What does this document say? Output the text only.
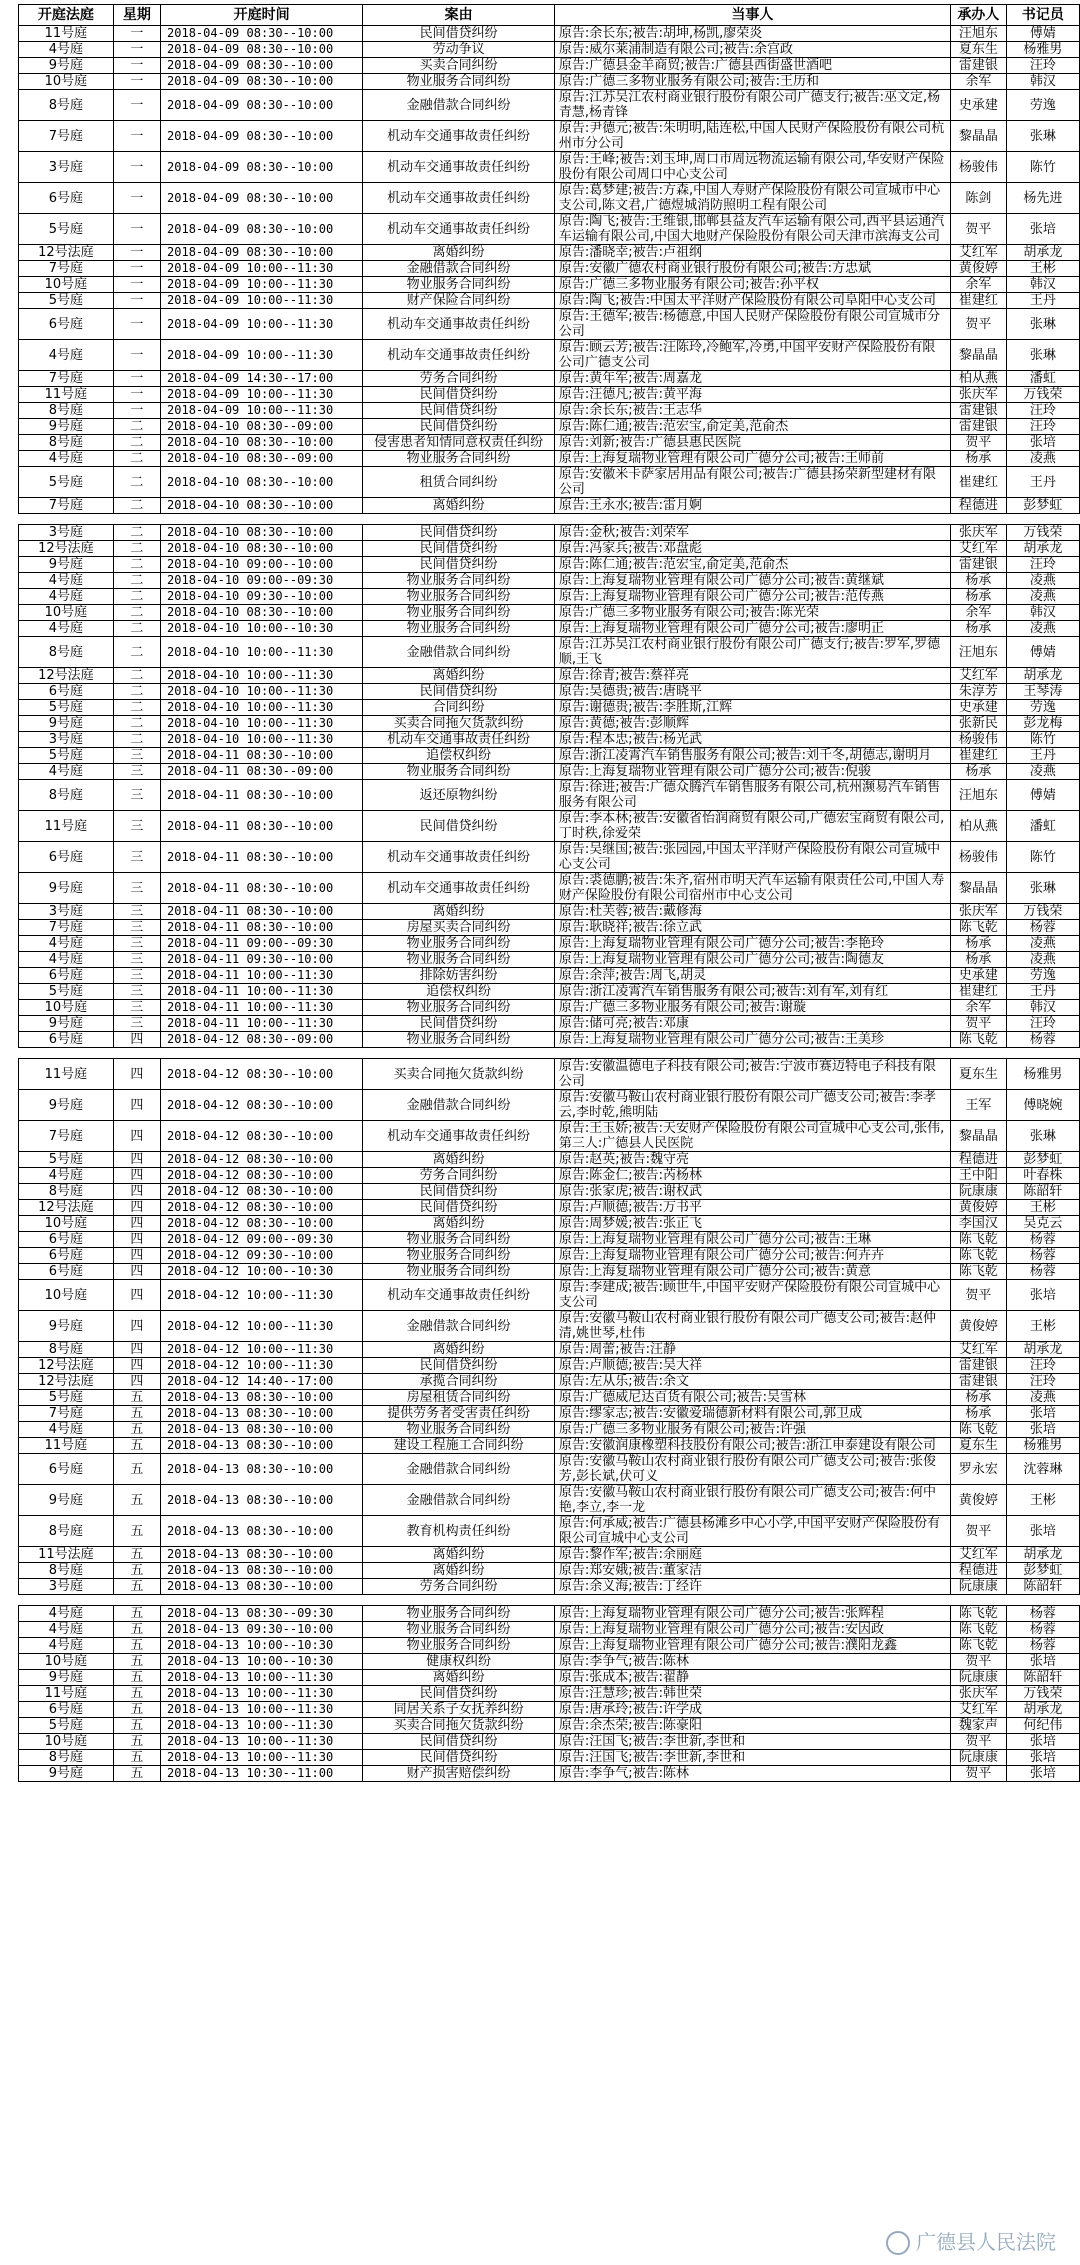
开庭法庭	星期	开庭时间	案由	当事人	承办人	书记员
11号庭	一	2018-04-09 08:30--10:00	民间借贷纠纷	原告:余长东;被告:胡坤,杨凯,廖荣炎	汪旭东	傅婧
4号庭	一	2018-04-09 08:30--10:00	劳动争议	原告:威尔莱浦制造有限公司;被告:余宫政	夏东生	杨雅男
9号庭	一	2018-04-09 08:30--10:00	买卖合同纠纷	原告:广德县金羊商贸;被告:广德县西街盛世酒吧	雷建银	汪玲
10号庭	一	2018-04-09 08:30--10:00	物业服务合同纠纷	原告:广德三多物业服务有限公司;被告:王历和	余军	韩汉
8号庭	一	2018-04-09 08:30--10:00	金融借款合同纠纷	原告:江苏吴江农村商业银行股份有限公司广德支行;被告:巫文定,杨青慧,杨青锋	史承建	劳逸
7号庭	一	2018-04-09 08:30--10:00	机动车交通事故责任纠纷	原告:尹德元;被告:朱明明,陆连松,中国人民财产保险股份有限公司杭州市分公司	黎晶晶	张琳
3号庭	一	2018-04-09 08:30--10:00	机动车交通事故责任纠纷	原告:王峰;被告:刘玉坤,周口市周远物流运输有限公司,华安财产保险股份有限公司周口中心支公司	杨骏伟	陈竹
6号庭	一	2018-04-09 08:30--10:00	机动车交通事故责任纠纷	原告:葛梦建;被告:方森,中国人寿财产保险股份有限公司宣城市中心支公司,陈文君,广德煜城消防照明工程有限公司	陈剑	杨先进
5号庭	一	2018-04-09 08:30--10:00	机动车交通事故责任纠纷	原告:陶飞;被告:王维银,邯郸县益友汽车运输有限公司,西平县运通汽车运输有限公司,中国大地财产保险股份有限公司天津市滨海支公司	贺平	张培
12号法庭	一	2018-04-09 08:30--10:00	离婚纠纷	原告:潘晓幸;被告:卢祖纲	艾红军	胡承龙
7号庭	一	2018-04-09 10:00--11:30	金融借款合同纠纷	原告:安徽广德农村商业银行股份有限公司;被告:方忠斌	黄俊婷	王彬
10号庭	一	2018-04-09 10:00--11:30	物业服务合同纠纷	原告:广德三多物业服务有限公司;被告:孙平权	余军	韩汉
5号庭	一	2018-04-09 10:00--11:30	财产保险合同纠纷	原告:陶飞;被告:中国太平洋财产保险股份有限公司阜阳中心支公司	崔建红	王丹
6号庭	一	2018-04-09 10:00--11:30	机动车交通事故责任纠纷	原告:王德军;被告:杨德意,中国人民财产保险股份有限公司宣城市分公司	贺平	张琳
4号庭	一	2018-04-09 10:00--11:30	机动车交通事故责任纠纷	原告:顾云芳;被告:汪陈玲,冷鲍军,冷勇,中国平安财产保险股份有限公司广德支公司	黎晶晶	张琳
7号庭	一	2018-04-09 14:30--17:00	劳务合同纠纷	原告:黄年军;被告:周嘉龙	柏从燕	潘虹
11号庭	一	2018-04-09 10:00--11:30	民间借贷纠纷	原告:汪德凡;被告:黄平海	张庆军	万钱荣
8号庭	一	2018-04-09 10:00--11:30	民间借贷纠纷	原告:余长东;被告:王志华	雷建银	汪玲
9号庭	二	2018-04-10 08:30--09:00	民间借贷纠纷	原告:陈仁通;被告:范宏宝,俞定美,范俞杰	雷建银	汪玲
8号庭	二	2018-04-10 08:30--10:00	侵害患者知情同意权责任纠纷	原告:刘新;被告:广德县惠民医院	贺平	张培
4号庭	二	2018-04-10 08:30--09:00	物业服务合同纠纷	原告:上海复瑞物业管理有限公司广德分公司;被告:王师前	杨承	凌燕
5号庭	二	2018-04-10 08:30--10:00	租赁合同纠纷	原告:安徽米卡萨家居用品有限公司;被告:广德县扬荣新型建材有限公司	崔建红	王丹
7号庭	二	2018-04-10 08:30--10:00	离婚纠纷	原告:王永水;被告:雷月婀	程德进	彭梦虹

3号庭	二	2018-04-10 08:30--10:00	民间借贷纠纷	原告:金秋;被告:刘荣军	张庆军	万钱荣
12号法庭	二	2018-04-10 08:30--10:00	民间借贷纠纷	原告:冯家兵;被告:邓盘彪	艾红军	胡承龙
9号庭	二	2018-04-10 09:00--10:00	民间借贷纠纷	原告:陈仁通;被告:范宏宝,俞定美,范俞杰	雷建银	汪玲
4号庭	二	2018-04-10 09:00--09:30	物业服务合同纠纷	原告:上海复瑞物业管理有限公司广德分公司;被告:黄继斌	杨承	凌燕
4号庭	二	2018-04-10 09:30--10:00	物业服务合同纠纷	原告:上海复瑞物业管理有限公司广德分公司;被告:范传燕	杨承	凌燕
10号庭	二	2018-04-10 08:30--10:00	物业服务合同纠纷	原告:广德三多物业服务有限公司;被告:陈光荣	余军	韩汉
4号庭	二	2018-04-10 10:00--10:30	物业服务合同纠纷	原告:上海复瑞物业管理有限公司广德分公司;被告:廖明正	杨承	凌燕
8号庭	二	2018-04-10 10:00--11:30	金融借款合同纠纷	原告:江苏吴江农村商业银行股份有限公司广德支行;被告:罗军,罗德顺,王飞	汪旭东	傅婧
12号法庭	二	2018-04-10 10:00--11:30	离婚纠纷	原告:徐青;被告:蔡祥亮	艾红军	胡承龙
6号庭	二	2018-04-10 10:00--11:30	民间借贷纠纷	原告:吴德贵;被告:唐晓平	朱淳芳	王琴涛
5号庭	二	2018-04-10 10:00--11:30	合同纠纷	原告:谢德贵;被告:李胜斯,江辉	史承建	劳逸
9号庭	二	2018-04-10 10:00--11:30	买卖合同拖欠货款纠纷	原告:黄德;被告:彭顺辉	张新民	彭龙梅
3号庭	二	2018-04-10 10:00--11:30	机动车交通事故责任纠纷	原告:程本忠;被告:杨光武	杨骏伟	陈竹
5号庭	三	2018-04-11 08:30--10:00	追偿权纠纷	原告:浙江凌霄汽车销售服务有限公司;被告:刘千冬,胡德志,谢明月	崔建红	王丹
4号庭	三	2018-04-11 08:30--09:00	物业服务合同纠纷	原告:上海复瑞物业管理有限公司广德分公司;被告:倪骏	杨承	凌燕
8号庭	三	2018-04-11 08:30--10:00	返还原物纠纷	原告:徐进;被告:广德众腾汽车销售服务有限公司,杭州濒易汽车销售服务有限公司	汪旭东	傅婧
11号庭	三	2018-04-11 08:30--10:00	民间借贷纠纷	原告:李本林;被告:安徽省怡润商贸有限公司,广德宏宝商贸有限公司,丁时秩,徐爱荣	柏从燕	潘虹
6号庭	三	2018-04-11 08:30--10:00	机动车交通事故责任纠纷	原告:吴继国;被告:张园园,中国太平洋财产保险股份有限公司宣城中心支公司	杨骏伟	陈竹
9号庭	三	2018-04-11 08:30--10:00	机动车交通事故责任纠纷	原告:裘德鹏;被告:朱齐,宿州市明天汽车运输有限责任公司,中国人寿财产保险股份有限公司宿州市中心支公司	黎晶晶	张琳
3号庭	三	2018-04-11 08:30--10:00	离婚纠纷	原告:杜芙蓉;被告:戴修海	张庆军	万钱荣
7号庭	三	2018-04-11 08:30--10:00	房屋买卖合同纠纷	原告:耿晓祥;被告:徐立武	陈飞乾	杨蓉
4号庭	三	2018-04-11 09:00--09:30	物业服务合同纠纷	原告:上海复瑞物业管理有限公司广德分公司;被告:李艳玲	杨承	凌燕
4号庭	三	2018-04-11 09:30--10:00	物业服务合同纠纷	原告:上海复瑞物业管理有限公司广德分公司;被告:陶德友	杨承	凌燕
6号庭	三	2018-04-11 10:00--11:30	排除妨害纠纷	原告:余萍;被告:周飞,胡灵	史承建	劳逸
5号庭	三	2018-04-11 10:00--11:30	追偿权纠纷	原告:浙江凌霄汽车销售服务有限公司;被告:刘有军,刘有红	崔建红	王丹
10号庭	三	2018-04-11 10:00--11:30	物业服务合同纠纷	原告:广德三多物业服务有限公司;被告:谢璇	余军	韩汉
9号庭	三	2018-04-11 10:00--11:30	民间借贷纠纷	原告:储可亮;被告:邓康	贺平	汪玲
6号庭	四	2018-04-12 08:30--09:00	物业服务合同纠纷	原告:上海复瑞物业管理有限公司广德分公司;被告:王美珍	陈飞乾	杨蓉

11号庭	四	2018-04-12 08:30--10:00	买卖合同拖欠货款纠纷	原告:安徽温德电子科技有限公司;被告:宁波市赛迈特电子科技有限公司	夏东生	杨雅男
9号庭	四	2018-04-12 08:30--10:00	金融借款合同纠纷	原告:安徽马鞍山农村商业银行股份有限公司广德支公司;被告:李孝云,李时乾,熊明陆	王军	傅晓婉
7号庭	四	2018-04-12 08:30--10:00	机动车交通事故责任纠纷	原告:王玉娇;被告:天安财产保险股份有限公司宣城中心支公司,张伟,第三人:广德县人民医院	黎晶晶	张琳
5号庭	四	2018-04-12 08:30--10:00	离婚纠纷	原告:赵英;被告:魏守亮	程德进	彭梦虹
4号庭	四	2018-04-12 08:30--10:00	劳务合同纠纷	原告:陈金仁;被告:芮杨林	王中阳	叶春株
8号庭	四	2018-04-12 08:30--10:00	民间借贷纠纷	原告:张家虎;被告:谢权武	阮康康	陈韶轩
12号法庭	四	2018-04-12 08:30--10:00	民间借贷纠纷	原告:卢顺德;被告:万书平	黄俊婷	王彬
10号庭	四	2018-04-12 08:30--10:00	离婚纠纷	原告:周梦媛;被告:张正飞	李国汉	吴克云
6号庭	四	2018-04-12 09:00--09:30	物业服务合同纠纷	原告:上海复瑞物业管理有限公司广德分公司;被告:王琳	陈飞乾	杨蓉
6号庭	四	2018-04-12 09:30--10:00	物业服务合同纠纷	原告:上海复瑞物业管理有限公司广德分公司;被告:何卉卉	陈飞乾	杨蓉
6号庭	四	2018-04-12 10:00--10:30	物业服务合同纠纷	原告:上海复瑞物业管理有限公司广德分公司;被告:黄意	陈飞乾	杨蓉
10号庭	四	2018-04-12 10:00--11:30	机动车交通事故责任纠纷	原告:李建成;被告:顾世牛,中国平安财产保险股份有限公司宣城中心支公司	贺平	张培
9号庭	四	2018-04-12 10:00--11:30	金融借款合同纠纷	原告:安徽马鞍山农村商业银行股份有限公司广德支公司;被告:赵仲清,姚世琴,杜伟	黄俊婷	王彬
8号庭	四	2018-04-12 10:00--11:30	离婚纠纷	原告:周蕾;被告:汪静	艾红军	胡承龙
12号法庭	四	2018-04-12 10:00--11:30	民间借贷纠纷	原告:卢顺德;被告:吴大祥	雷建银	汪玲
12号法庭	四	2018-04-12 14:40--17:00	承揽合同纠纷	原告:左从乐;被告:余文	雷建银	汪玲
5号庭	五	2018-04-13 08:30--10:00	房屋租赁合同纠纷	原告:广德威尼达百货有限公司;被告:吴雪林	杨承	凌燕
7号庭	五	2018-04-13 08:30--10:00	提供劳务者受害责任纠纷	原告:缪家志;被告:安徽爱瑞德新材料有限公司,郭卫成	杨承	张培
4号庭	五	2018-04-13 08:30--10:00	物业服务合同纠纷	原告:广德三多物业服务有限公司;被告:许强	陈飞乾	张培
11号庭	五	2018-04-13 08:30--10:00	建设工程施工合同纠纷	原告:安徽润康橡塑科技股份有限公司;被告:浙江申泰建设有限公司	夏东生	杨雅男
6号庭	五	2018-04-13 08:30--10:00	金融借款合同纠纷	原告:安徽马鞍山农村商业银行股份有限公司广德支公司;被告:张俊芳,彭长斌,伏可义	罗永宏	沈蓉琳
9号庭	五	2018-04-13 08:30--10:00	金融借款合同纠纷	原告:安徽马鞍山农村商业银行股份有限公司广德支公司;被告:何中艳,李立,李一龙	黄俊婷	王彬
8号庭	五	2018-04-13 08:30--10:00	教育机构责任纠纷	原告:何承威;被告:广德县杨滩乡中心小学,中国平安财产保险股份有限公司宣城中心支公司	贺平	张培
11号法庭	五	2018-04-13 08:30--10:00	离婚纠纷	原告:黎作军;被告:余丽庭	艾红军	胡承龙
8号庭	五	2018-04-13 08:30--10:00	离婚纠纷	原告:郑安娥;被告:董家洁	程德进	彭梦虹
3号庭	五	2018-04-13 08:30--10:00	劳务合同纠纷	原告:余义海;被告:丁经许	阮康康	陈韶轩

4号庭	五	2018-04-13 08:30--09:30	物业服务合同纠纷	原告:上海复瑞物业管理有限公司广德分公司;被告:张辉程	陈飞乾	杨蓉
4号庭	五	2018-04-13 09:30--10:00	物业服务合同纠纷	原告:上海复瑞物业管理有限公司广德分公司;被告:安因政	陈飞乾	杨蓉
4号庭	五	2018-04-13 10:00--10:30	物业服务合同纠纷	原告:上海复瑞物业管理有限公司广德分公司;被告:濮阳龙鑫	陈飞乾	杨蓉
10号庭	五	2018-04-13 10:00--10:30	健康权纠纷	原告:李争气;被告:陈林	贺平	张培
9号庭	五	2018-04-13 10:00--11:30	离婚纠纷	原告:张成本;被告:翟静	阮康康	陈韶轩
11号庭	五	2018-04-13 10:00--11:30	民间借贷纠纷	原告:汪慧珍;被告:韩世荣	张庆军	万钱荣
6号庭	五	2018-04-13 10:00--11:30	同居关系子女抚养纠纷	原告:唐承玲;被告:许学成	艾红军	胡承龙
5号庭	五	2018-04-13 10:00--11:30	买卖合同拖欠货款纠纷	原告:余杰荣;被告:陈豪阳	魏家声	何纪伟
10号庭	五	2018-04-13 10:00--11:30	民间借贷纠纷	原告:汪国飞;被告:李世新,李世和	贺平	张培
8号庭	五	2018-04-13 10:00--11:30	民间借贷纠纷	原告:汪国飞;被告:李世新,李世和	阮康康	张培
9号庭	五	2018-04-13 10:30--11:00	财产损害赔偿纠纷	原告:李争气;被告:陈林	贺平	张培
广德县人民法院
